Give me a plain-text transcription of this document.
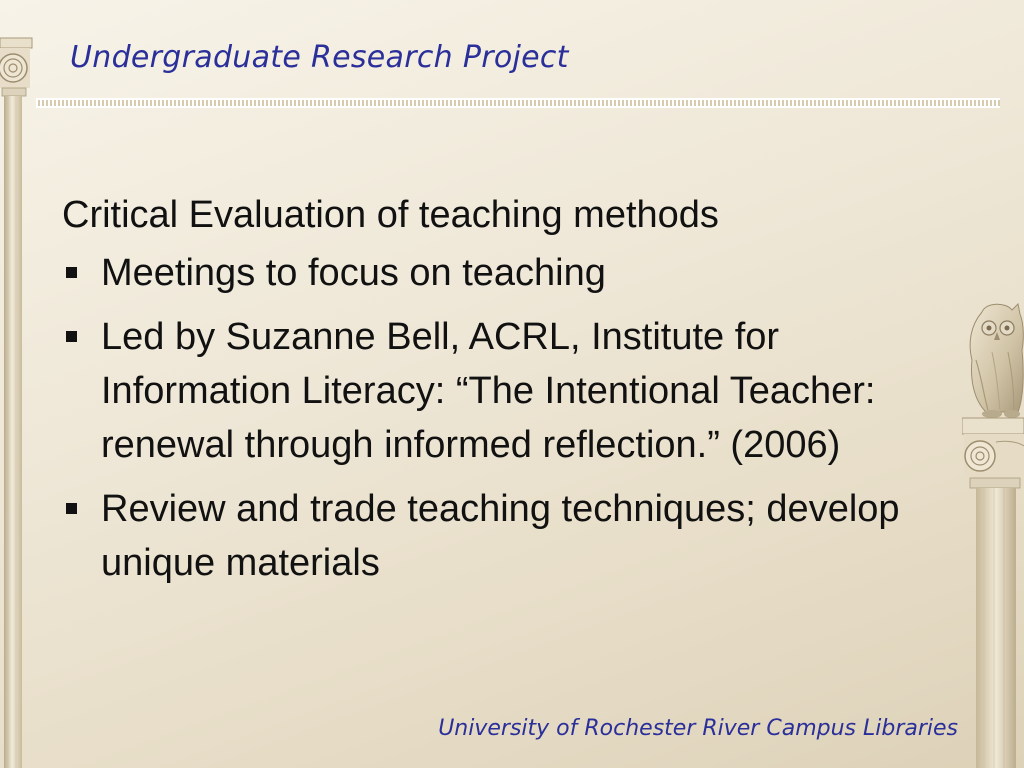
Undergraduate Research Project

Critical Evaluation of teaching methods

Meetings to focus on teaching
Led by Suzanne Bell, ACRL, Institute for Information Literacy: “The Intentional Teacher: renewal through informed reflection.” (2006)
Review and trade teaching techniques; develop unique materials
University of Rochester River Campus Libraries
